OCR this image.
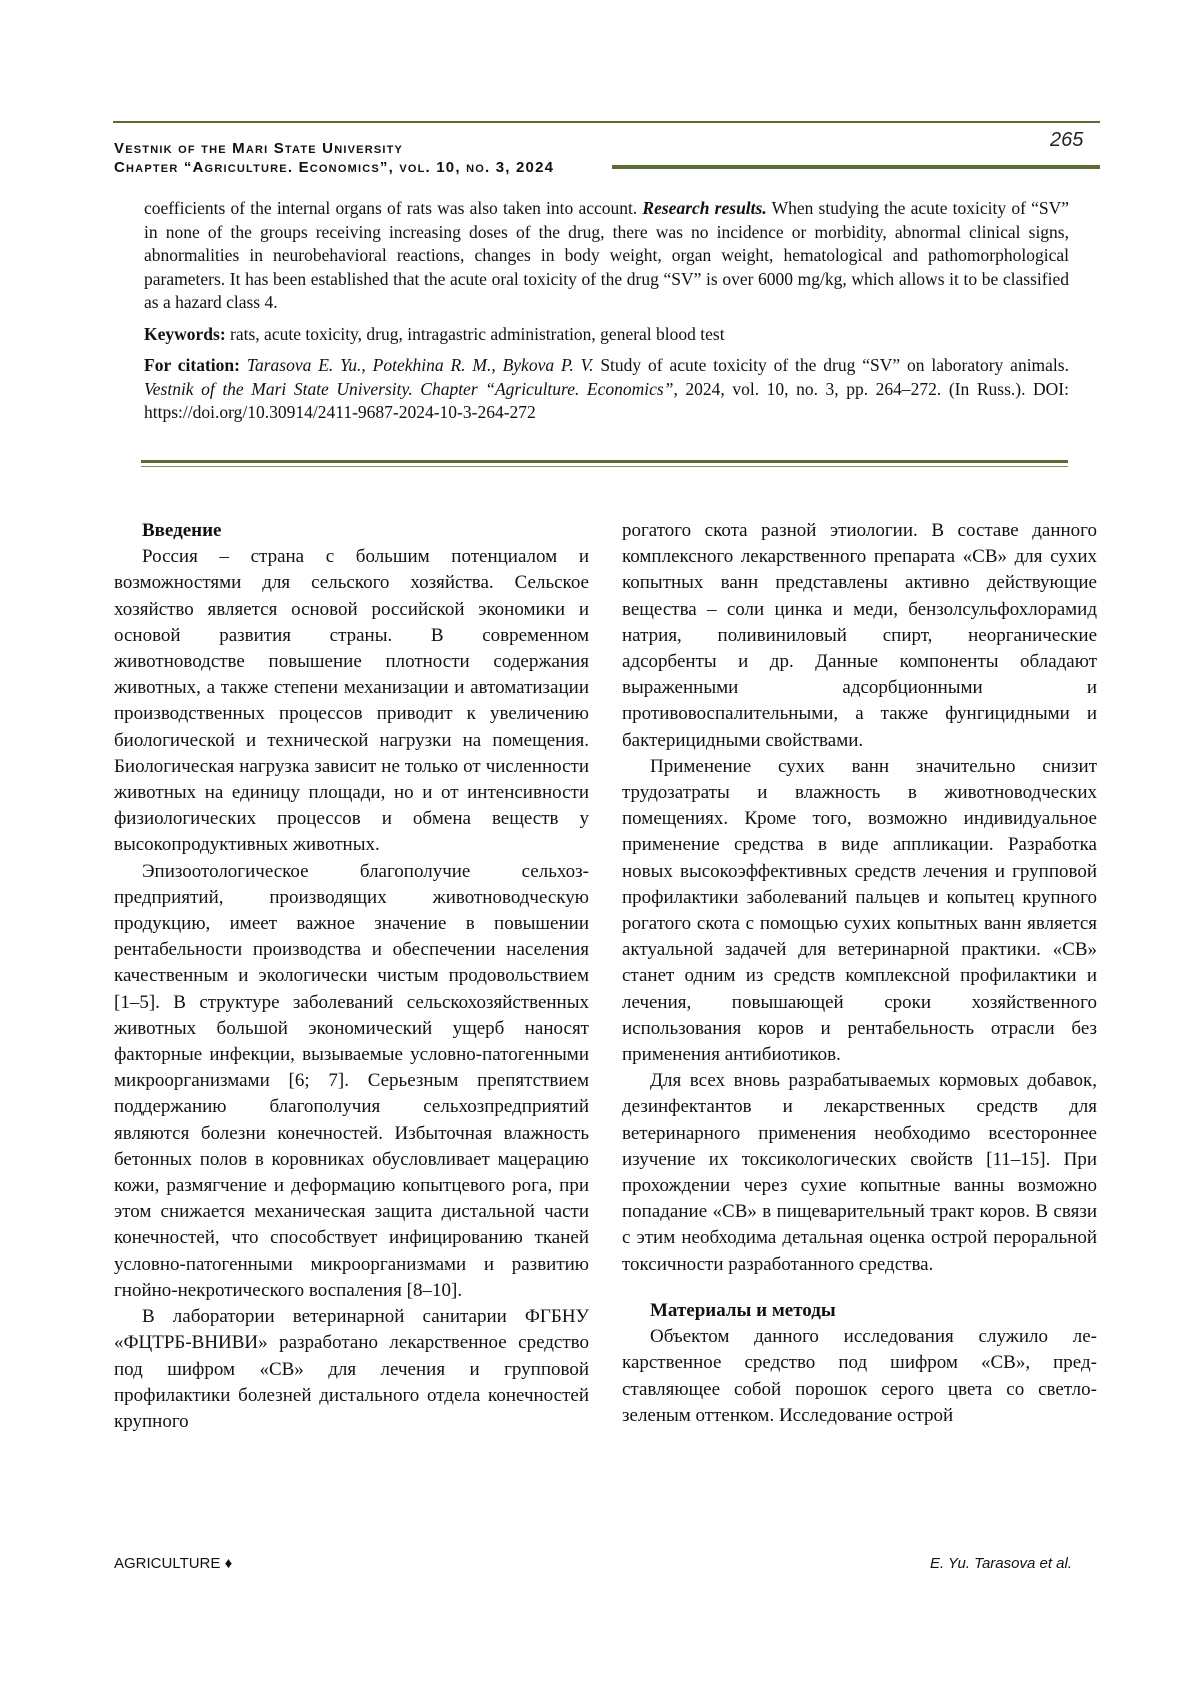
Vestnik of the Mari State University
Chapter “Agriculture. Economics”, vol. 10, no. 3, 2024
265

coefficients of the internal organs of rats was also taken into account. Research results. When studying the acute toxicity of “SV” in none of the groups receiving increasing doses of the drug, there was no incidence or morbidity, abnormal clinical signs, abnormalities in neurobehavioral reactions, changes in body weight, organ weight, hematological and pathomorphological parameters. It has been established that the acute oral toxicity of the drug “SV” is over 6000 mg/kg, which allows it to be classified as a hazard class 4.

Keywords: rats, acute toxicity, drug, intragastric administration, general blood test

For citation: Tarasova E. Yu., Potekhina R. M., Bykova P. V. Study of acute toxicity of the drug “SV” on laboratory animals. Vestnik of the Mari State University. Chapter “Agriculture. Economics”, 2024, vol. 10, no. 3, pp. 264–272. (In Russ.). DOI: https://doi.org/10.30914/2411-9687-2024-10-3-264-272

Введение

Россия – страна с большим потенциалом и возможностями для сельского хозяйства. Сельское хозяйство является основой российской экономики и основой развития страны. В современном животноводстве повышение плотности содержания животных, а также степени механизации и автоматизации производственных процессов приводит к увеличению биологической и технической нагрузки на помещения. Биологическая нагрузка зависит не только от численности животных на единицу площади, но и от интенсивности физиологических процессов и обмена веществ у высокопродуктивных животных.

Эпизоотологическое благополучие сельхозпредприятий, производящих животноводческую продукцию, имеет важное значение в повышении рентабельности производства и обеспечении населения качественным и экологически чистым продовольствием [1–5]. В структуре заболеваний сельскохозяйственных животных большой экономический ущерб наносят факторные инфекции, вызываемые условно-патогенными микроорганизмами [6; 7]. Серьезным препятствием поддержанию благополучия сельхозпредприятий являются болезни конечностей. Избыточная влажность бетонных полов в коровниках обусловливает мацерацию кожи, размягчение и деформацию копытцевого рога, при этом снижается механическая защита дистальной части конечностей, что способствует инфицированию тканей условно-патогенными микроорганизмами и развитию гнойно-некротического воспаления [8–10].

В лаборатории ветеринарной санитарии ФГБНУ «ФЦТРБ-ВНИВИ» разработано лекарственное средство под шифром «СВ» для лечения и групповой профилактики болезней дистального отдела конечностей крупного

рогатого скота разной этиологии. В составе данного комплексного лекарственного препарата «СВ» для сухих копытных ванн представлены активно действующие вещества – соли цинка и меди, бензолсульфохлорамид натрия, поливиниловый спирт, неорганические адсорбенты и др. Данные компоненты обладают выраженными адсорбционными и противовоспалительными, а также фунгицидными и бактерицидными свойствами.

Применение сухих ванн значительно снизит трудозатраты и влажность в животноводческих помещениях. Кроме того, возможно индивидуальное применение средства в виде аппликации. Разработка новых высокоэффективных средств лечения и групповой профилактики заболеваний пальцев и копытец крупного рогатого скота с помощью сухих копытных ванн является актуальной задачей для ветеринарной практики. «СВ» станет одним из средств комплексной профилактики и лечения, повышающей сроки хозяйственного использования коров и рентабельность отрасли без применения антибиотиков.

Для всех вновь разрабатываемых кормовых добавок, дезинфектантов и лекарственных средств для ветеринарного применения необходимо всестороннее изучение их токсикологических свойств [11–15]. При прохождении через сухие копытные ванны возможно попадание «СВ» в пищеварительный тракт коров. В связи с этим необходима детальная оценка острой пероральной токсичности разработанного средства.

Материалы и методы

Объектом данного исследования служило лекарственное средство под шифром «СВ», представляющее собой порошок серого цвета со светло-зеленым оттенком. Исследование острой

AGRICULTURE ♦	E. Yu. Tarasova et al.
